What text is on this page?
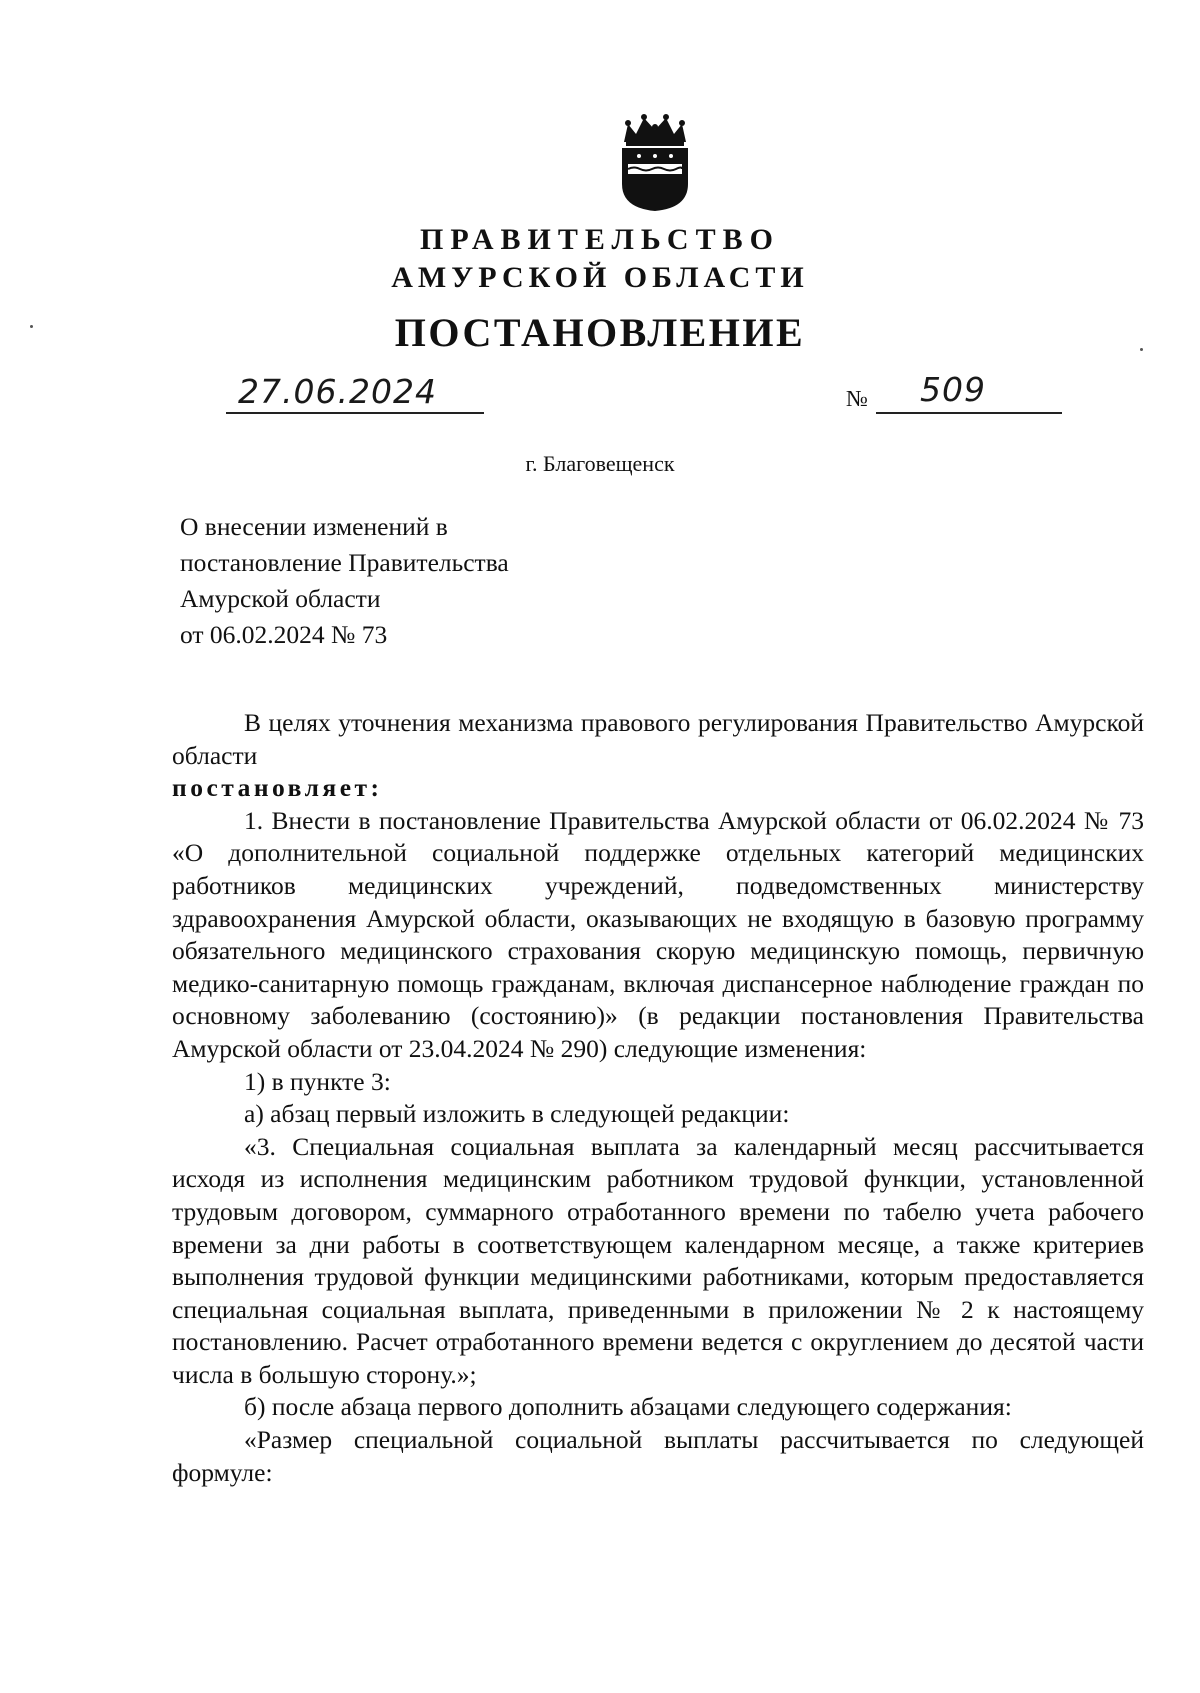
ПРАВИТЕЛЬСТВО
АМУРСКОЙ ОБЛАСТИ
ПОСТАНОВЛЕНИЕ
27.06.2024	№ 509
г. Благовещенск
О внесении изменений в
постановление Правительства
Амурской области
от 06.02.2024 № 73
В целях уточнения механизма правового регулирования Правительство Амурской области
постановляет:
1. Внести в постановление Правительства Амурской области от 06.02.2024 № 73 «О дополнительной социальной поддержке отдельных категорий медицинских работников медицинских учреждений, подведомственных министерству здравоохранения Амурской области, оказывающих не входящую в базовую программу обязательного медицинского страхования скорую медицинскую помощь, первичную медико-санитарную помощь гражданам, включая диспансерное наблюдение граждан по основному заболеванию (состоянию)» (в редакции постановления Правительства Амурской области от 23.04.2024 № 290) следующие изменения:
1) в пункте 3:
а) абзац первый изложить в следующей редакции:
«3. Специальная социальная выплата за календарный месяц рассчитывается исходя из исполнения медицинским работником трудовой функции, установленной трудовым договором, суммарного отработанного времени по табелю учета рабочего времени за дни работы в соответствующем календарном месяце, а также критериев выполнения трудовой функции медицинскими работниками, которым предоставляется специальная социальная выплата, приведенными в приложении № 2 к настоящему постановлению. Расчет отработанного времени ведется с округлением до десятой части числа в большую сторону.»;
б) после абзаца первого дополнить абзацами следующего содержания:
«Размер специальной социальной выплаты рассчитывается по следующей формуле:
